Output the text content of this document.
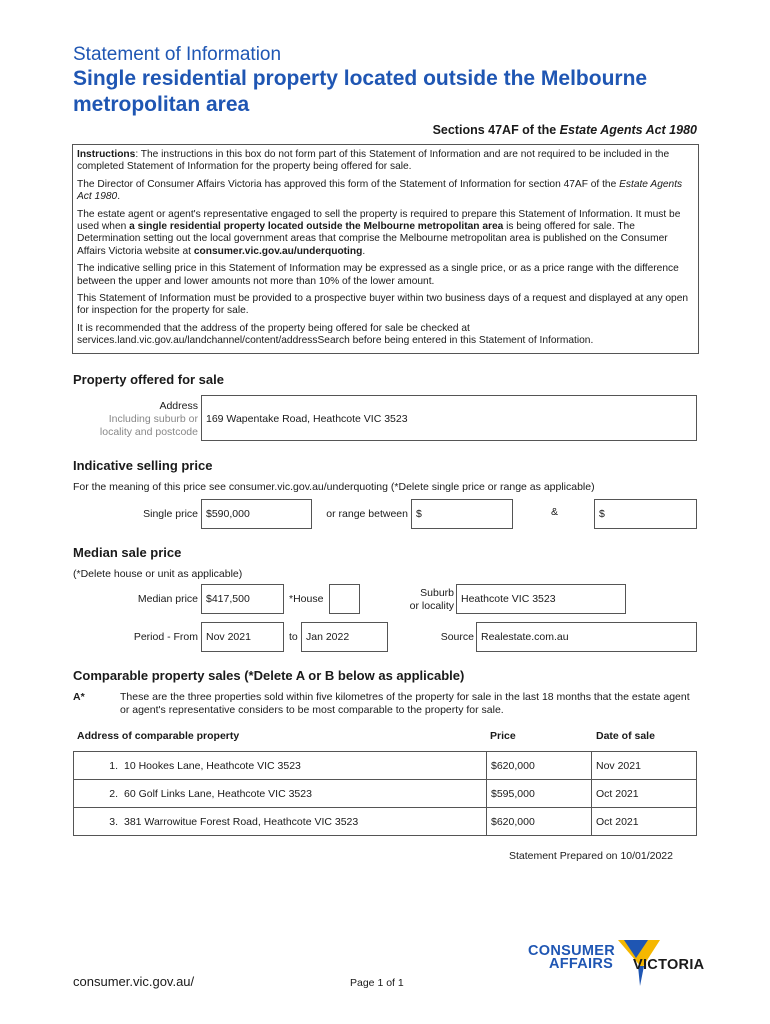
Statement of Information
Single residential property located outside the Melbourne metropolitan area
Sections 47AF of the Estate Agents Act 1980

Instructions: The instructions in this box do not form part of this Statement of Information and are not required to be included in the completed Statement of Information for the property being offered for sale.

The Director of Consumer Affairs Victoria has approved this form of the Statement of Information for section 47AF of the Estate Agents Act 1980.

The estate agent or agent's representative engaged to sell the property is required to prepare this Statement of Information. It must be used when a single residential property located outside the Melbourne metropolitan area is being offered for sale. The Determination setting out the local government areas that comprise the Melbourne metropolitan area is published on the Consumer Affairs Victoria website at consumer.vic.gov.au/underquoting.

The indicative selling price in this Statement of Information may be expressed as a single price, or as a price range with the difference between the upper and lower amounts not more than 10% of the lower amount.

This Statement of Information must be provided to a prospective buyer within two business days of a request and displayed at any open for inspection for the property for sale.

It is recommended that the address of the property being offered for sale be checked at services.land.vic.gov.au/landchannel/content/addressSearch before being entered in this Statement of Information.

Property offered for sale
Address
Including suburb or
locality and postcode
169 Wapentake Road, Heathcote VIC 3523
Indicative selling price
For the meaning of this price see consumer.vic.gov.au/underquoting (*Delete single price or range as applicable)
Single price $590,000	or range between $	&	$
Median sale price
(*Delete house or unit as applicable)
Median price $417,500	*House	Suburb
or locality
Heathcote VIC 3523
Period - From Nov 2021	to Jan 2022	Source Realestate.com.au
Comparable property sales (*Delete A or B below as applicable)
A*	These are the three properties sold within five kilometres of the property for sale in the last 18 months that the estate agent or agent's representative considers to be most comparable to the property for sale.
Address of comparable property	Price	Date of sale
1. 10 Hookes Lane, Heathcote VIC 3523	$620,000	Nov 2021
2. 60 Golf Links Lane, Heathcote VIC 3523	$595,000	Oct 2021
3. 381 Warrowitue Forest Road, Heathcote VIC 3523	$620,000	Oct 2021
Statement Prepared on 10/01/2022
consumer.vic.gov.au/	Page 1 of 1
CONSUMER
AFFAIRS VICTORIA
